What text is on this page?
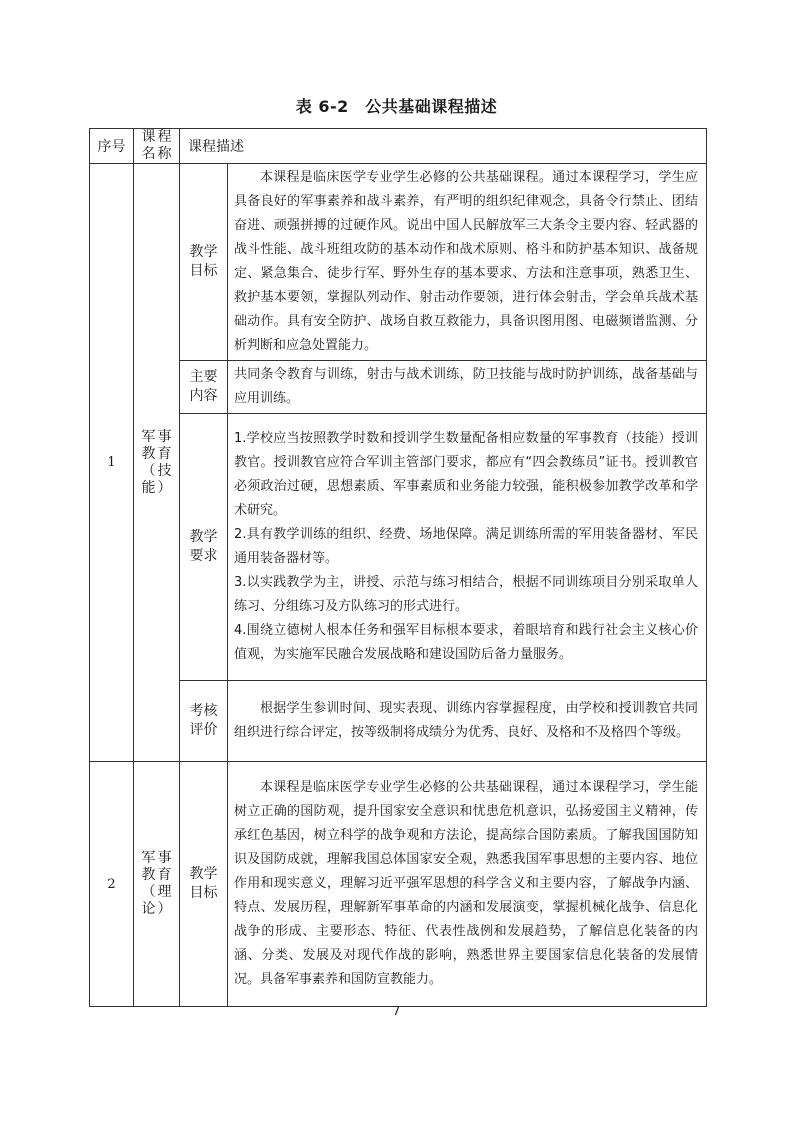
表 6-2　公共基础课程描述
序号	课程名称	课程描述	
1	军事教育（技能）	教学目标	本课程是临床医学专业学生必修的公共基础课程。通过本课程学习，学生应具备良好的军事素养和战斗素养，有严明的组织纪律观念，具备令行禁止、团结奋进、顽强拼搏的过硬作风。说出中国人民解放军三大条令主要内容、轻武器的战斗性能、战斗班组攻防的基本动作和战术原则、格斗和防护基本知识、战备规定、紧急集合、徒步行军、野外生存的基本要求、方法和注意事项，熟悉卫生、救护基本要领，掌握队列动作、射击动作要领，进行体会射击，学会单兵战术基础动作。具有安全防护、战场自救互救能力，具备识图用图、电磁频谱监测、分析判断和应急处置能力。

		主要内容	共同条令教育与训练，射击与战术训练，防卫技能与战时防护训练，战备基础与应用训练。

		教学要求	1.学校应当按照教学时数和授训学生数量配备相应数量的军事教育（技能）授训教官。授训教官应符合军训主管部门要求，都应有“四会教练员”证书。授训教官必须政治过硬，思想素质、军事素质和业务能力较强，能积极参加教学改革和学术研究。

2.具有教学训练的组织、经费、场地保障。满足训练所需的军用装备器材、军民通用装备器材等。

3.以实践教学为主，讲授、示范与练习相结合，根据不同训练项目分别采取单人练习、分组练习及方队练习的形式进行。

4.围绕立德树人根本任务和强军目标根本要求，着眼培育和践行社会主义核心价值观，为实施军民融合发展战略和建设国防后备力量服务。

		考核评价	根据学生参训时间、现实表现、训练内容掌握程度，由学校和授训教官共同组织进行综合评定，按等级制将成绩分为优秀、良好、及格和不及格四个等级。

2	军事教育（理论）	教学目标	本课程是临床医学专业学生必修的公共基础课程，通过本课程学习，学生能树立正确的国防观，提升国家安全意识和忧患危机意识，弘扬爱国主义精神，传承红色基因，树立科学的战争观和方法论，提高综合国防素质。了解我国国防知识及国防成就，理解我国总体国家安全观，熟悉我国军事思想的主要内容、地位作用和现实意义，理解习近平强军思想的科学含义和主要内容，了解战争内涵、特点、发展历程，理解新军事革命的内涵和发展演变，掌握机械化战争、信息化战争的形成、主要形态、特征、代表性战例和发展趋势，了解信息化装备的内涵、分类、发展及对现代作战的影响，熟悉世界主要国家信息化装备的发展情况。具备军事素养和国防宣教能力。

7
